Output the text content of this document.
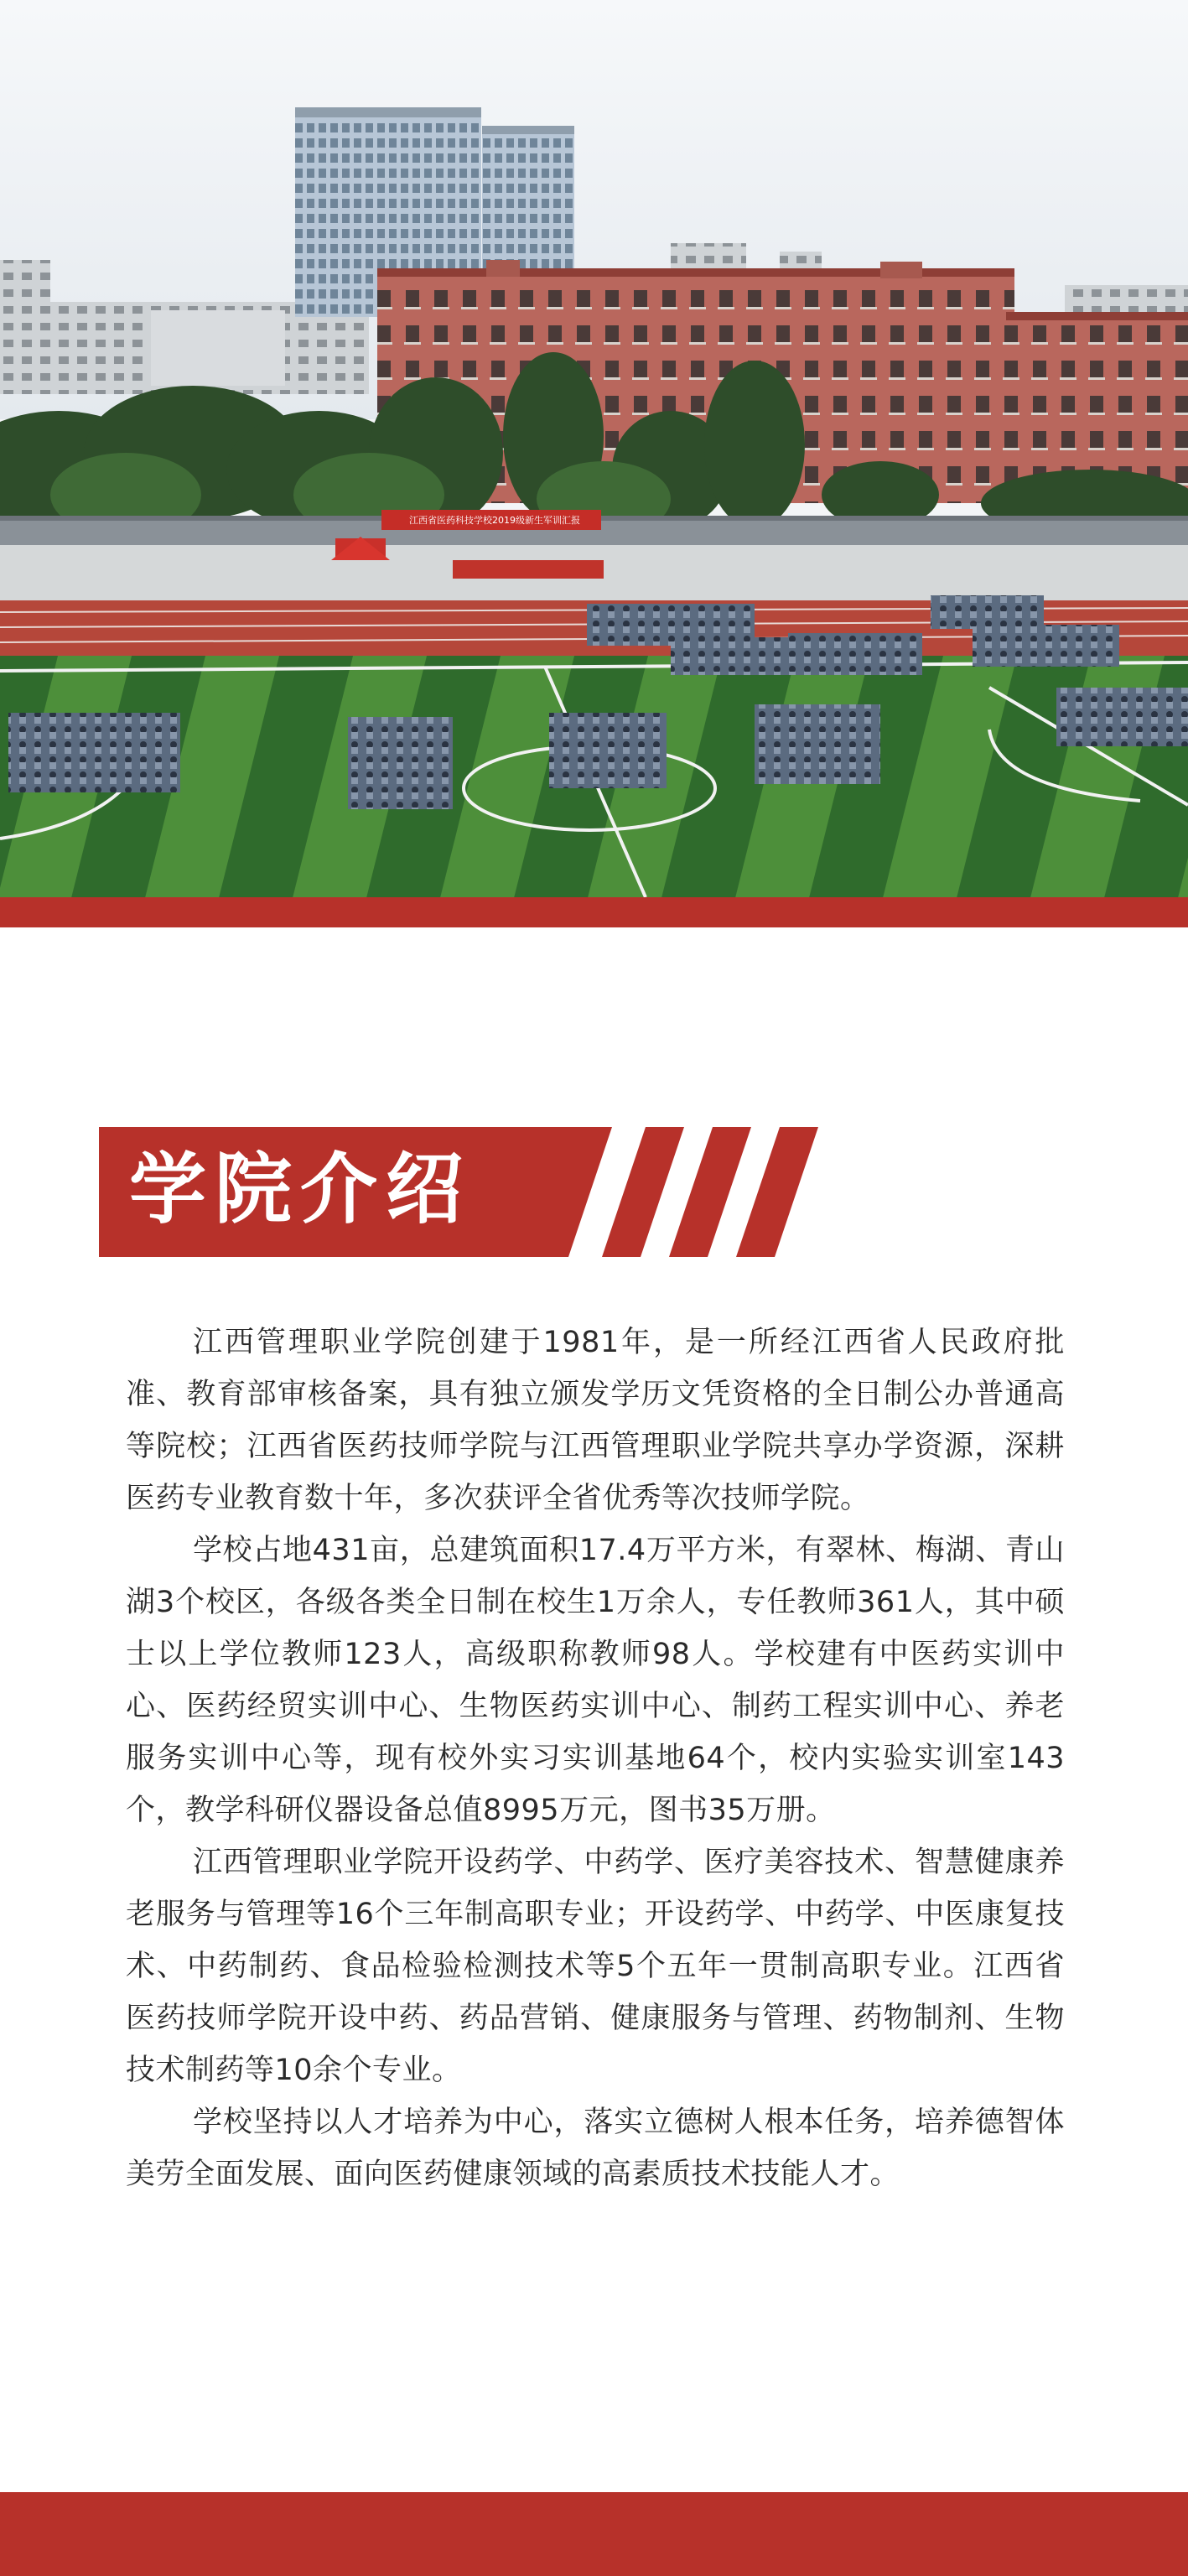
江西省医药科技学校2019级新生军训汇报
学院介绍

江西管理职业学院创建于1981年，是一所经江西省人民政府批准、教育部审核备案，具有独立颁发学历文凭资格的全日制公办普通高等院校；江西省医药技师学院与江西管理职业学院共享办学资源，深耕医药专业教育数十年，多次获评全省优秀等次技师学院。

学校占地431亩，总建筑面积17.4万平方米，有翠林、梅湖、青山湖3个校区，各级各类全日制在校生1万余人，专任教师361人，其中硕士以上学位教师123人，高级职称教师98人。学校建有中医药实训中心、医药经贸实训中心、生物医药实训中心、制药工程实训中心、养老服务实训中心等，现有校外实习实训基地64个，校内实验实训室143个，教学科研仪器设备总值8995万元，图书35万册。

江西管理职业学院开设药学、中药学、医疗美容技术、智慧健康养老服务与管理等16个三年制高职专业；开设药学、中药学、中医康复技术、中药制药、食品检验检测技术等5个五年一贯制高职专业。江西省医药技师学院开设中药、药品营销、健康服务与管理、药物制剂、生物技术制药等10余个专业。

学校坚持以人才培养为中心，落实立德树人根本任务，培养德智体美劳全面发展、面向医药健康领域的高素质技术技能人才。
